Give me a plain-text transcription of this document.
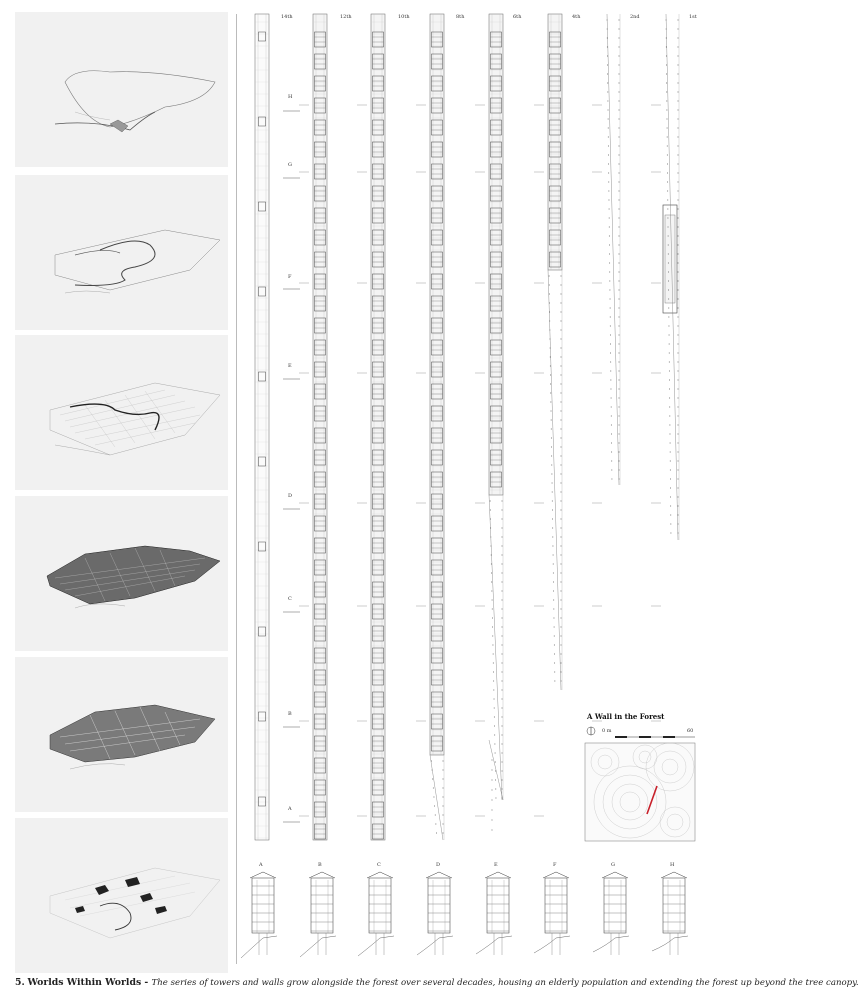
14th	12th	10th	8th	6th	4th	2nd	1st
H
G
F
E
D
C
B
A
A	B	C	D	E	F	G	H
A Wall in the Forest
0 m	60
5. Worlds Within Worlds - The series of towers and walls grow alongside the forest over several decades, housing an elderly population and extending the forest up beyond the tree canopy.
